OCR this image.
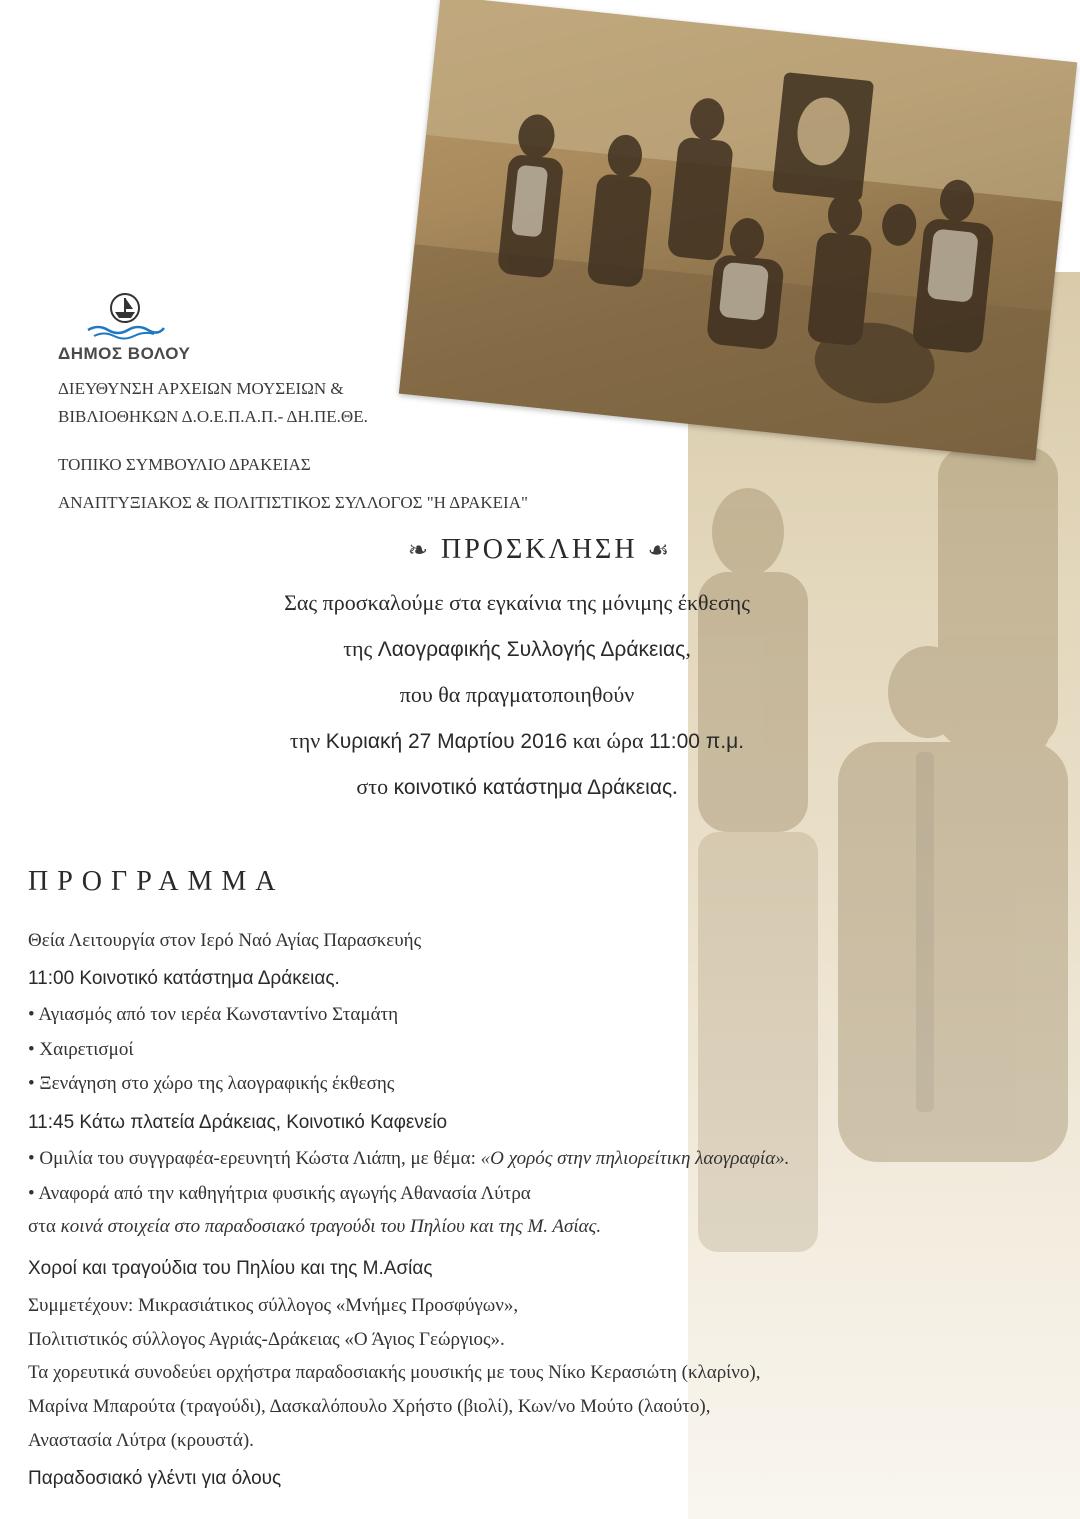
ΔΗΜΟΣ ΒΟΛΟΥ
ΔΙΕΥΘΥΝΣΗ ΑΡΧΕΙΩΝ ΜΟΥΣΕΙΩΝ &
ΒΙΒΛΙΟΘΗΚΩΝ Δ.Ο.Ε.Π.Α.Π.- ΔΗ.ΠΕ.ΘΕ.
ΤΟΠΙΚΟ ΣΥΜΒΟΥΛΙΟ ΔΡΑΚΕΙΑΣ
ΑΝΑΠΤΥΞΙΑΚΟΣ & ΠΟΛΙΤΙΣΤΙΚΟΣ ΣΥΛΛΟΓΟΣ "Η ΔΡΑΚΕΙΑ"
❧ ΠΡΟΣΚΛΗΣΗ ☙
Σας προσκαλούμε στα εγκαίνια της μόνιμης έκθεσης
της Λαογραφικής Συλλογής Δράκειας,
που θα πραγματοποιηθούν
την Κυριακή 27 Μαρτίου 2016 και ώρα 11:00 π.μ.
στο κοινοτικό κατάστημα Δράκειας.
ΠΡΟΓΡΑΜΜΑ
Θεία Λειτουργία στον Ιερό Ναό Αγίας Παρασκευής
11:00 Κοινοτικό κατάστημα Δράκειας.
• Αγιασμός από τον ιερέα Κωνσταντίνο Σταμάτη
• Χαιρετισμοί
• Ξενάγηση στο χώρο της λαογραφικής έκθεσης
11:45 Κάτω πλατεία Δράκειας, Κοινοτικό Καφενείο
• Ομιλία του συγγραφέα-ερευνητή Κώστα Λιάπη, με θέμα: «Ο χορός στην πηλιορείτικη λαογραφία».
• Αναφορά από την καθηγήτρια φυσικής αγωγής Αθανασία Λύτρα
στα κοινά στοιχεία στο παραδοσιακό τραγούδι του Πηλίου και της Μ. Ασίας.
Χοροί και τραγούδια του Πηλίου και της Μ.Ασίας
Συμμετέχουν: Μικρασιάτικος σύλλογος «Μνήμες Προσφύγων»,
Πολιτιστικός σύλλογος Αγριάς-Δράκειας «Ο Άγιος Γεώργιος».
Τα χορευτικά συνοδεύει ορχήστρα παραδοσιακής μουσικής με τους Νίκο Κερασιώτη (κλαρίνο),
Μαρίνα Μπαρούτα (τραγούδι), Δασκαλόπουλο Χρήστο (βιολί), Κων/νο Μούτο (λαούτο),
Αναστασία Λύτρα (κρουστά).
Παραδοσιακό γλέντι για όλους
